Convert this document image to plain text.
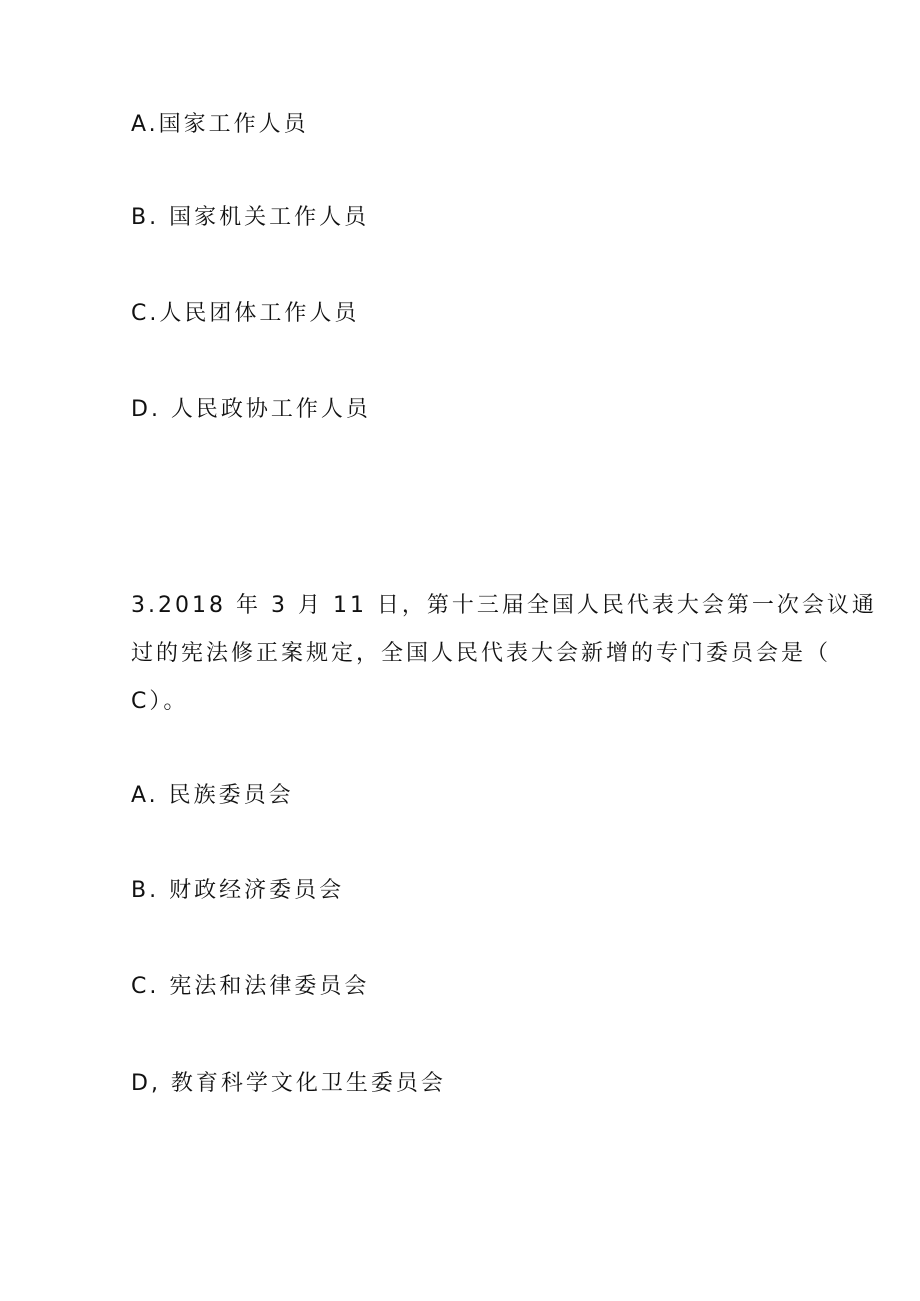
A.国家工作人员
B. 国家机关工作人员
C.人民团体工作人员
D. 人民政协工作人员
3.2018 年 3 月 11 日，第十三届全国人民代表大会第一次会议通
过的宪法修正案规定，全国人民代表大会新增的专门委员会是（
C）。
A. 民族委员会
B. 财政经济委员会
C. 宪法和法律委员会
D, 教育科学文化卫生委员会
